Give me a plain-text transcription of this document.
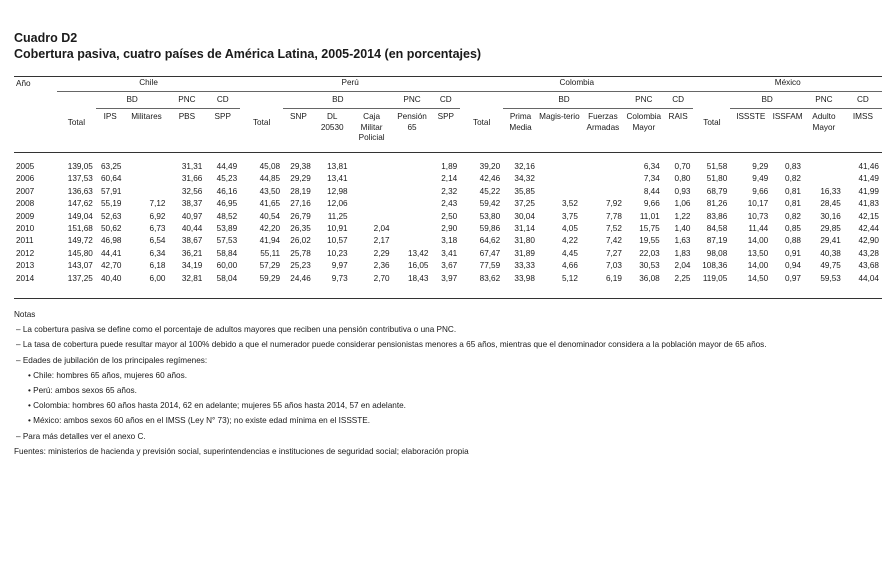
Cuadro D2
Cobertura pasiva, cuatro países de América Latina, 2005-2014 (en porcentajes)
Año	Chile					Perú						Colombia						México				

	Total	BD		PNC	CD	Total	BD			PNC	CD	Total	BD			PNC	CD	Total	BD		PNC	CD
		IPS	Militares	PBS	SPP		SNP	DL 20530	Caja Militar Policial	Pensión 65	SPP		Prima Media	Magis-terio	Fuerzas Armadas	Colombia Mayor	RAIS		ISSSTE	ISSFAM	Adulto Mayor	IMSS
2005	139,05	63,25		31,31	44,49	45,08	29,38	13,81			1,89	39,20	32,16			6,34	0,70	51,58	9,29	0,83		41,46
2006	137,53	60,64		31,66	45,23	44,85	29,29	13,41			2,14	42,46	34,32			7,34	0,80	51,80	9,49	0,82		41,49
2007	136,63	57,91		32,56	46,16	43,50	28,19	12,98			2,32	45,22	35,85			8,44	0,93	68,79	9,66	0,81	16,33	41,99
2008	147,62	55,19	7,12	38,37	46,95	41,65	27,16	12,06			2,43	59,42	37,25	3,52	7,92	9,66	1,06	81,26	10,17	0,81	28,45	41,83
2009	149,04	52,63	6,92	40,97	48,52	40,54	26,79	11,25			2,50	53,80	30,04	3,75	7,78	11,01	1,22	83,86	10,73	0,82	30,16	42,15
2010	151,68	50,62	6,73	40,44	53,89	42,20	26,35	10,91	2,04		2,90	59,86	31,14	4,05	7,52	15,75	1,40	84,58	11,44	0,85	29,85	42,44
2011	149,72	46,98	6,54	38,67	57,53	41,94	26,02	10,57	2,17		3,18	64,62	31,80	4,22	7,42	19,55	1,63	87,19	14,00	0,88	29,41	42,90
2012	145,80	44,41	6,34	36,21	58,84	55,11	25,78	10,23	2,29	13,42	3,41	67,47	31,89	4,45	7,27	22,03	1,83	98,08	13,50	0,91	40,38	43,28
2013	143,07	42,70	6,18	34,19	60,00	57,29	25,23	9,97	2,36	16,05	3,67	77,59	33,33	4,66	7,03	30,53	2,04	108,36	14,00	0,94	49,75	43,68
2014	137,25	40,40	6,00	32,81	58,04	59,29	24,46	9,73	2,70	18,43	3,97	83,62	33,98	5,12	6,19	36,08	2,25	119,05	14,50	0,97	59,53	44,04
Notas
– La cobertura pasiva se define como el porcentaje de adultos mayores que reciben una pensión contributiva o una PNC.
– La tasa de cobertura puede resultar mayor al 100% debido a que el numerador puede considerar pensionistas menores a 65 años, mientras que el denominador considera a la población mayor de 65 años.
– Edades de jubilación de los principales regímenes:
• Chile: hombres 65 años, mujeres 60 años.
• Perú: ambos sexos 65 años.
• Colombia: hombres 60 años hasta 2014, 62 en adelante; mujeres 55 años hasta 2014, 57 en adelante.
• México: ambos sexos 60 años en el IMSS (Ley N° 73); no existe edad mínima en el ISSSTE.
– Para más detalles ver el anexo C.
Fuentes: ministerios de hacienda y previsión social, superintendencias e instituciones de seguridad social; elaboración propia
